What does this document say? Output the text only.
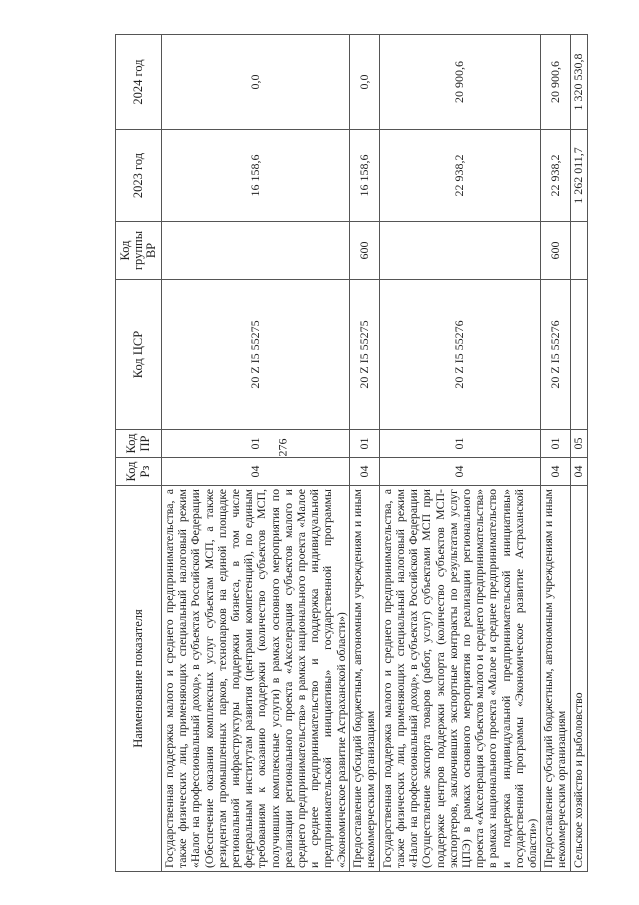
276
Наименование показателя	Код Рз	Код ПР	Код ЦСР	Код группы ВР	2023 год	2024 год
Государственная поддержка малого и среднего предпринимательства, а также физических лиц, применяющих специальный налоговый режим «Налог на профессиональный доход», в субъектах Российской Федерации (Обеспечение оказания комплексных услуг субъектам МСП, а также резидентам промышленных парков, технопарков на единой площадке региональной инфраструктуры поддержки бизнеса, в том числе федеральным институтам развития (центрами компетенций), по единым требованиям к оказанию поддержки (количество субъектов МСП, получивших комплексные услуги) в рамках основного мероприятия по реализации регионального проекта «Акселерация субъектов малого и среднего предпринимательства» в рамках национального проекта «Малое и среднее предпринимательство и поддержка индивидуальной предпринимательской инициативы» государственной программы «Экономическое развитие Астраханской области»)	04	01	20 Z I5 55275		16 158,6	0,0
Предоставление субсидий бюджетным, автономным учреждениям и иным некоммерческим организациям	04	01	20 Z I5 55275	600	16 158,6	0,0
Государственная поддержка малого и среднего предпринимательства, а также физических лиц, применяющих специальный налоговый режим «Налог на профессиональный доход», в субъектах Российской Федерации (Осуществление экспорта товаров (работ, услуг) субъектами МСП при поддержке центров поддержки экспорта (количество субъектов МСП-экспортеров, заключивших экспортные контракты по результатам услуг ЦПЭ) в рамках основного мероприятия по реализации регионального проекта «Акселерация субъектов малого и среднего предпринимательства» в рамках национального проекта «Малое и среднее предпринимательство и поддержка индивидуальной предпринимательской инициативы» государственной программы «Экономическое развитие Астраханской области»)	04	01	20 Z I5 55276		22 938,2	20 900,6
Предоставление субсидий бюджетным, автономным учреждениям и иным некоммерческим организациям	04	01	20 Z I5 55276	600	22 938,2	20 900,6
Сельское хозяйство и рыболовство	04	05			1 262 011,7	1 320 530,8
